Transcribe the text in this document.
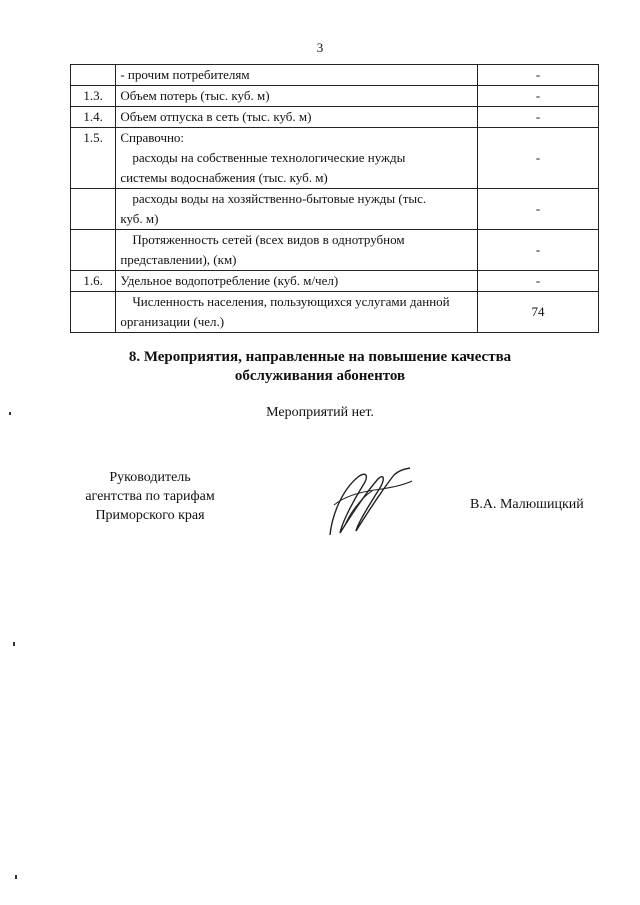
3
	- прочим потребителям	-
1.3.	Объем потерь (тыс. куб. м)	-
1.4.	Объем отпуска в сеть (тыс. куб. м)	-
1.5.	Справочно:
расходы на собственные технологические нужды
системы водоснабжения (тыс. куб. м)	-

	расходы воды на хозяйственно-бытовые нужды (тыс.
куб. м)	-

	Протяженность сетей (всех видов в однотрубном
представлении), (км)	-
1.6.	Удельное водопотребление (куб. м/чел)	-

	Численность населения, пользующихся услугами данной
организации (чел.)	74
8. Мероприятия, направленные на повышение качества
обслуживания абонентов
Мероприятий нет.
Руководитель
агентства по тарифам
Приморского края
В.А. Малюшицкий
